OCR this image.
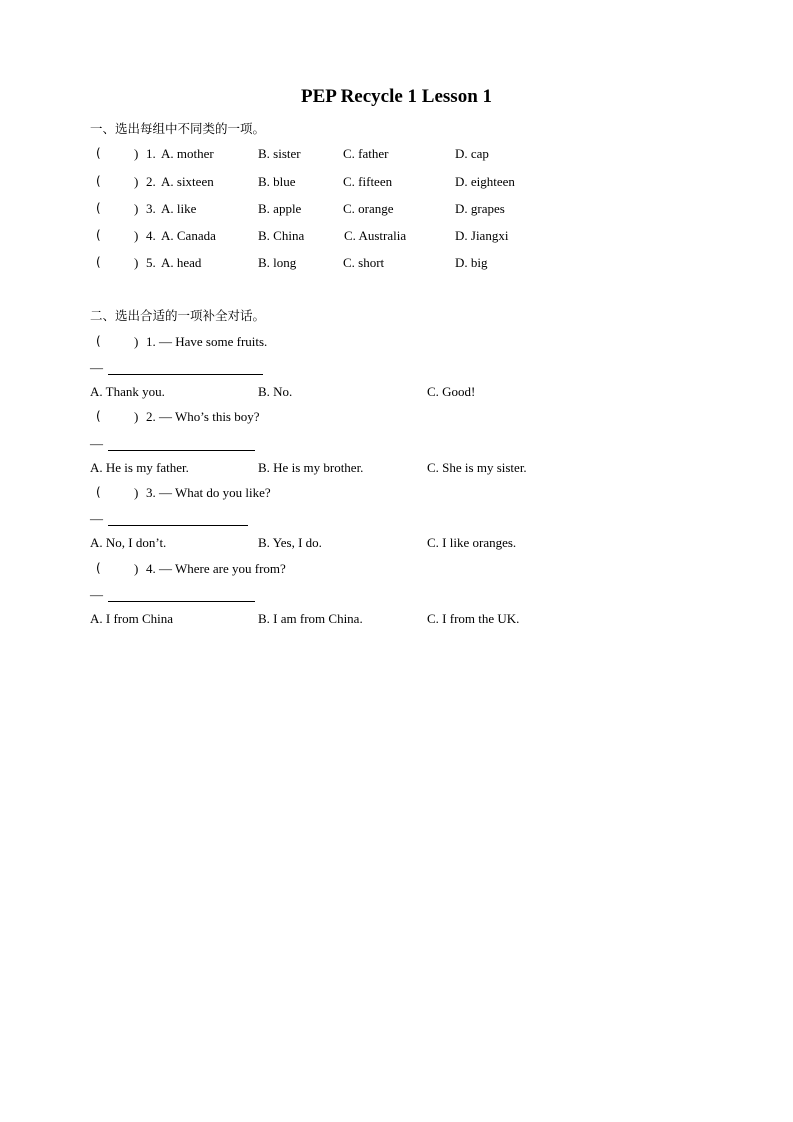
PEP Recycle 1 Lesson 1
一、选出每组中不同类的一项。
(	) 1. A. mother	B. sister	C. father	D. cap
(	) 2. A. sixteen	B. blue	C. fifteen	D. eighteen
(	) 3. A. like	B. apple	C. orange	D. grapes
(	) 4. A. Canada	B. China	C. Australia	D. Jiangxi
(	) 5. A. head	B. long	C. short	D. big
二、选出合适的一项补全对话。
(	) 1. — Have some fruits.
—
A. Thank you.	B. No.	C. Good!
(	) 2. — Who’s this boy?
—
A. He is my father.	B. He is my brother.	C. She is my sister.
(	) 3. — What do you like?
—
A. No, I don’t.	B. Yes, I do.	C. I like oranges.
(	) 4. — Where are you from?
—
A. I from China	B. I am from China.	C. I from the UK.
